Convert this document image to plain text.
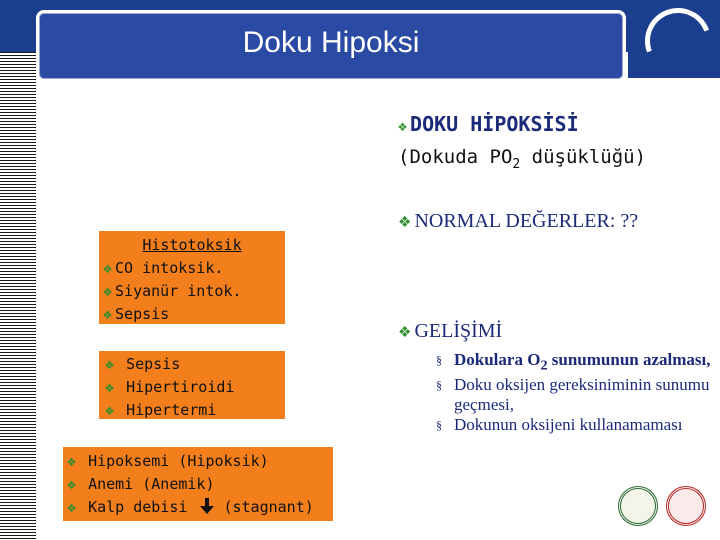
Doku Hipoksi
❖ DOKU HİPOKSİSİ
(Dokuda $PO_2$ düşüklüğü)
❖ NORMAL DEĞERLER: ??
❖ GELİŞİMİ
§ Dokulara $O_2$ sunumunun azalması,
§ Doku oksijen gereksiniminin sunumu geçmesi,
§ Dokunun oksijeni kullanamaması
Histotoksik
❖ CO intoksik.
❖ Siyanür intok.
❖ Sepsis
❖ Sepsis
❖ Hipertiroidi
❖ Hipertermi
❖ Hipoksemi (Hipoksik)
❖ Anemi (Anemik)
❖ Kalp debisi  (stagnant)
